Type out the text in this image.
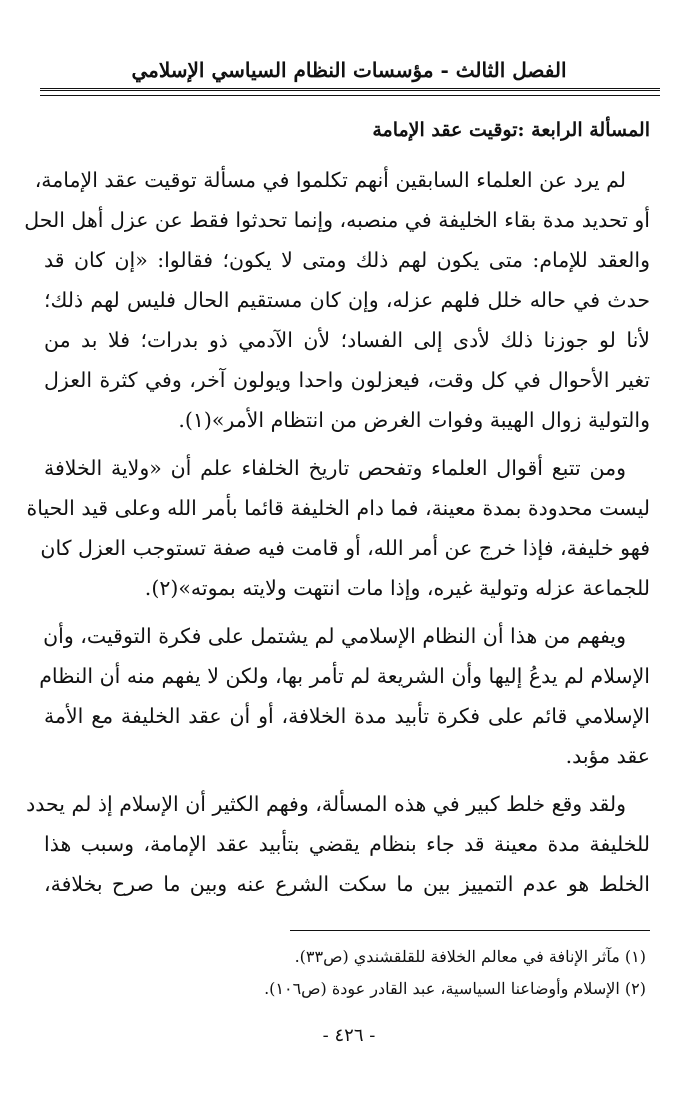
الفصل الثالث - مؤسسات النظام السياسي الإسلامي
المسألة الرابعة :توقيت عقد الإمامة
لم يرد عن العلماء السابقين أنهم تكلموا في مسألة توقيت عقد الإمامة،
أو تحديد مدة بقاء الخليفة في منصبه، وإنما تحدثوا فقط عن عزل أهل الحل
والعقد للإمام: متى يكون لهم ذلك ومتى لا يكون؛ فقالوا: «إن كان قد
حدث في حاله خلل فلهم عزله، وإن كان مستقيم الحال فليس لهم ذلك؛
لأنا لو جوزنا ذلك لأدى إلى الفساد؛ لأن الآدمي ذو بدرات؛ فلا بد من
تغير الأحوال في كل وقت، فيعزلون واحدا ويولون آخر، وفي كثرة العزل
والتولية زوال الهيبة وفوات الغرض من انتظام الأمر»(١).
ومن تتبع أقوال العلماء وتفحص تاريخ الخلفاء علم أن «ولاية الخلافة
ليست محدودة بمدة معينة، فما دام الخليفة قائما بأمر الله وعلى قيد الحياة
فهو خليفة، فإذا خرج عن أمر الله، أو قامت فيه صفة تستوجب العزل كان
للجماعة عزله وتولية غيره، وإذا مات انتهت ولايته بموته»(٢).
ويفهم من هذا أن النظام الإسلامي لم يشتمل على فكرة التوقيت، وأن
الإسلام لم يدعُ إليها وأن الشريعة لم تأمر بها، ولكن لا يفهم منه أن النظام
الإسلامي قائم على فكرة تأبيد مدة الخلافة، أو أن عقد الخليفة مع الأمة
عقد مؤبد.
ولقد وقع خلط كبير في هذه المسألة، وفهم الكثير أن الإسلام إذ لم يحدد
للخليفة مدة معينة قد جاء بنظام يقضي بتأبيد عقد الإمامة، وسبب هذا
الخلط هو عدم التمييز بين ما سكت الشرع عنه وبين ما صرح بخلافة،
(١) مآثر الإنافة في معالم الخلافة للقلقشندي (ص٣٣).
(٢) الإسلام وأوضاعنا السياسية، عبد القادر عودة (ص١٠٦).
- ٤٢٦ -
